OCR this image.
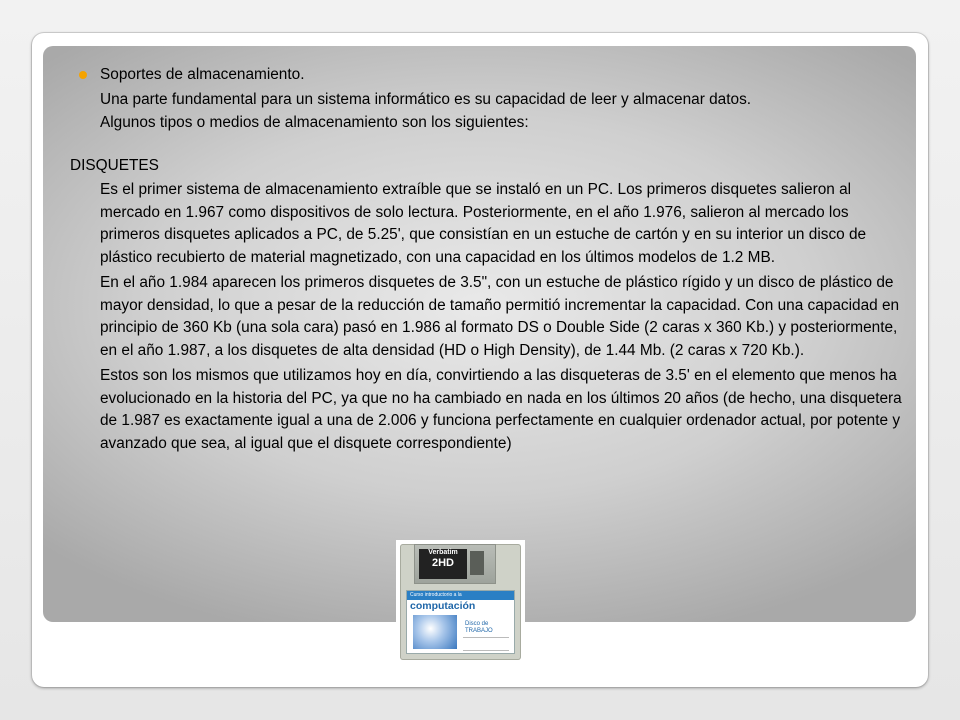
Soportes de almacenamiento.
Una parte fundamental para un sistema informático es su capacidad de leer y almacenar datos.
Algunos tipos o medios de almacenamiento son los siguientes:
DISQUETES
Es el primer sistema de almacenamiento extraíble que se instaló en un PC. Los primeros disquetes salieron al mercado en 1.967 como dispositivos de solo lectura. Posteriormente, en el año 1.976, salieron al mercado los primeros disquetes aplicados a PC, de 5.25', que consistían en un estuche de cartón y en su interior un disco de plástico recubierto de material magnetizado, con una capacidad en los últimos modelos de 1.2 MB.
En el año 1.984 aparecen los primeros disquetes de 3.5", con un estuche de plástico rígido y un disco de plástico de mayor densidad, lo que a pesar de la reducción de tamaño permitió incrementar la capacidad. Con una capacidad en principio de 360 Kb (una sola cara) pasó en 1.986 al formato DS o Double Side (2 caras x 360 Kb.) y posteriormente, en el año 1.987, a los disquetes de alta densidad (HD o High Density), de 1.44 Mb. (2 caras x 720 Kb.).
Estos son los mismos que utilizamos hoy en día, convirtiendo a las disqueteras de 3.5' en el elemento que menos ha evolucionado en la historia del PC, ya que no ha cambiado en nada en los últimos 20 años (de hecho, una disquetera de 1.987 es exactamente igual a una de 2.006 y funciona perfectamente en cualquier ordenador actual, por potente y avanzado que sea, al igual que el disquete correspondiente)
Verbatim
2HD
Curso introductorio a la
computación
Disco de
TRABAJO
